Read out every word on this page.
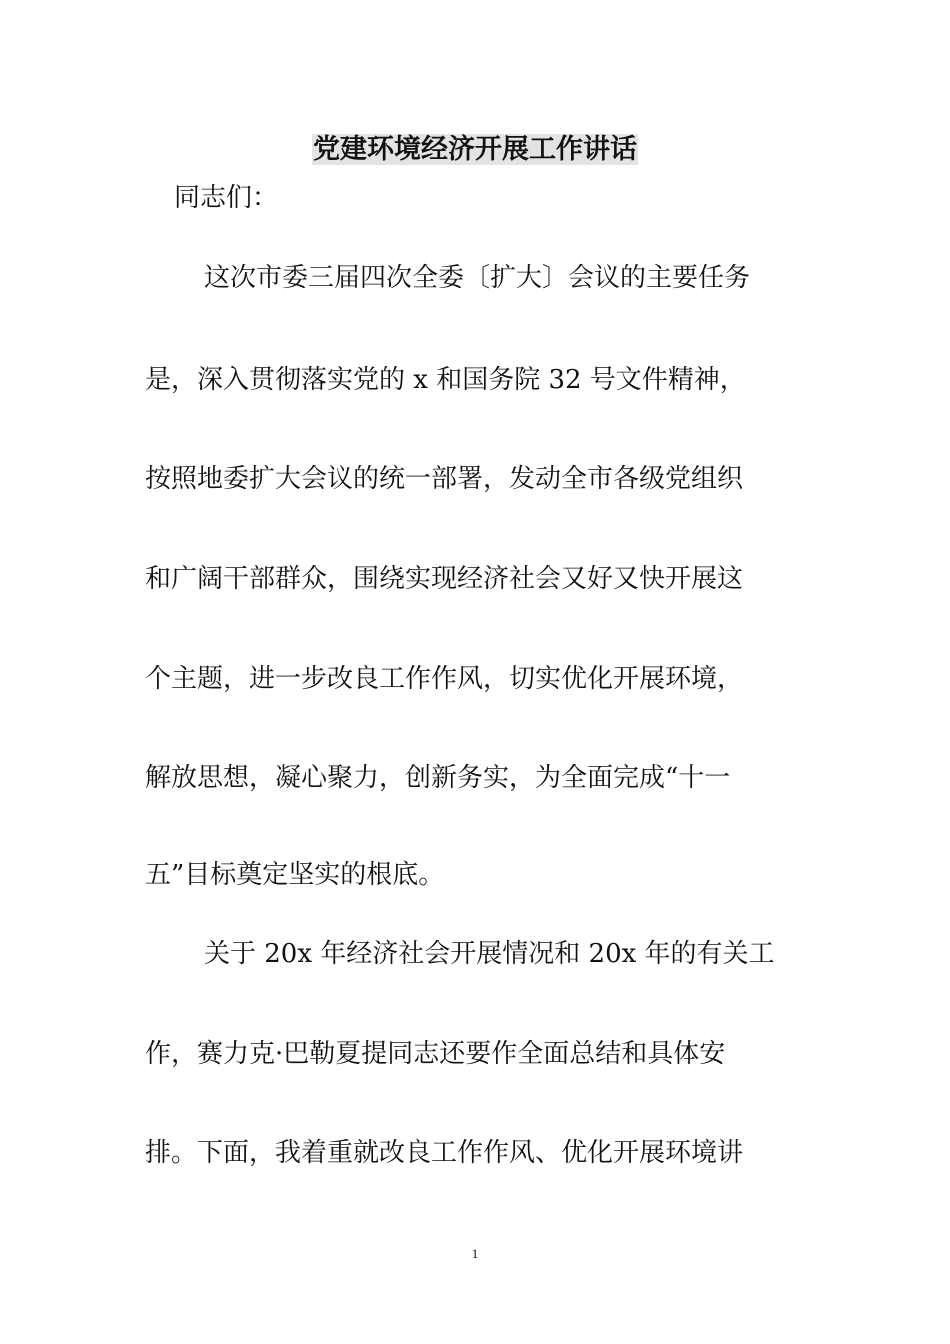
党建环境经济开展工作讲话
同志们：
这次市委三届四次全委〔扩大〕会议的主要任务
是，深入贯彻落实党的 x 和国务院 32 号文件精神，
按照地委扩大会议的统一部署，发动全市各级党组织
和广阔干部群众，围绕实现经济社会又好又快开展这
个主题，进一步改良工作作风，切实优化开展环境，
解放思想，凝心聚力，创新务实，为全面完成“十一
五”目标奠定坚实的根底。
关于 20x 年经济社会开展情况和 20x 年的有关工
作，赛力克·巴勒夏提同志还要作全面总结和具体安
排。下面，我着重就改良工作作风、优化开展环境讲
1
